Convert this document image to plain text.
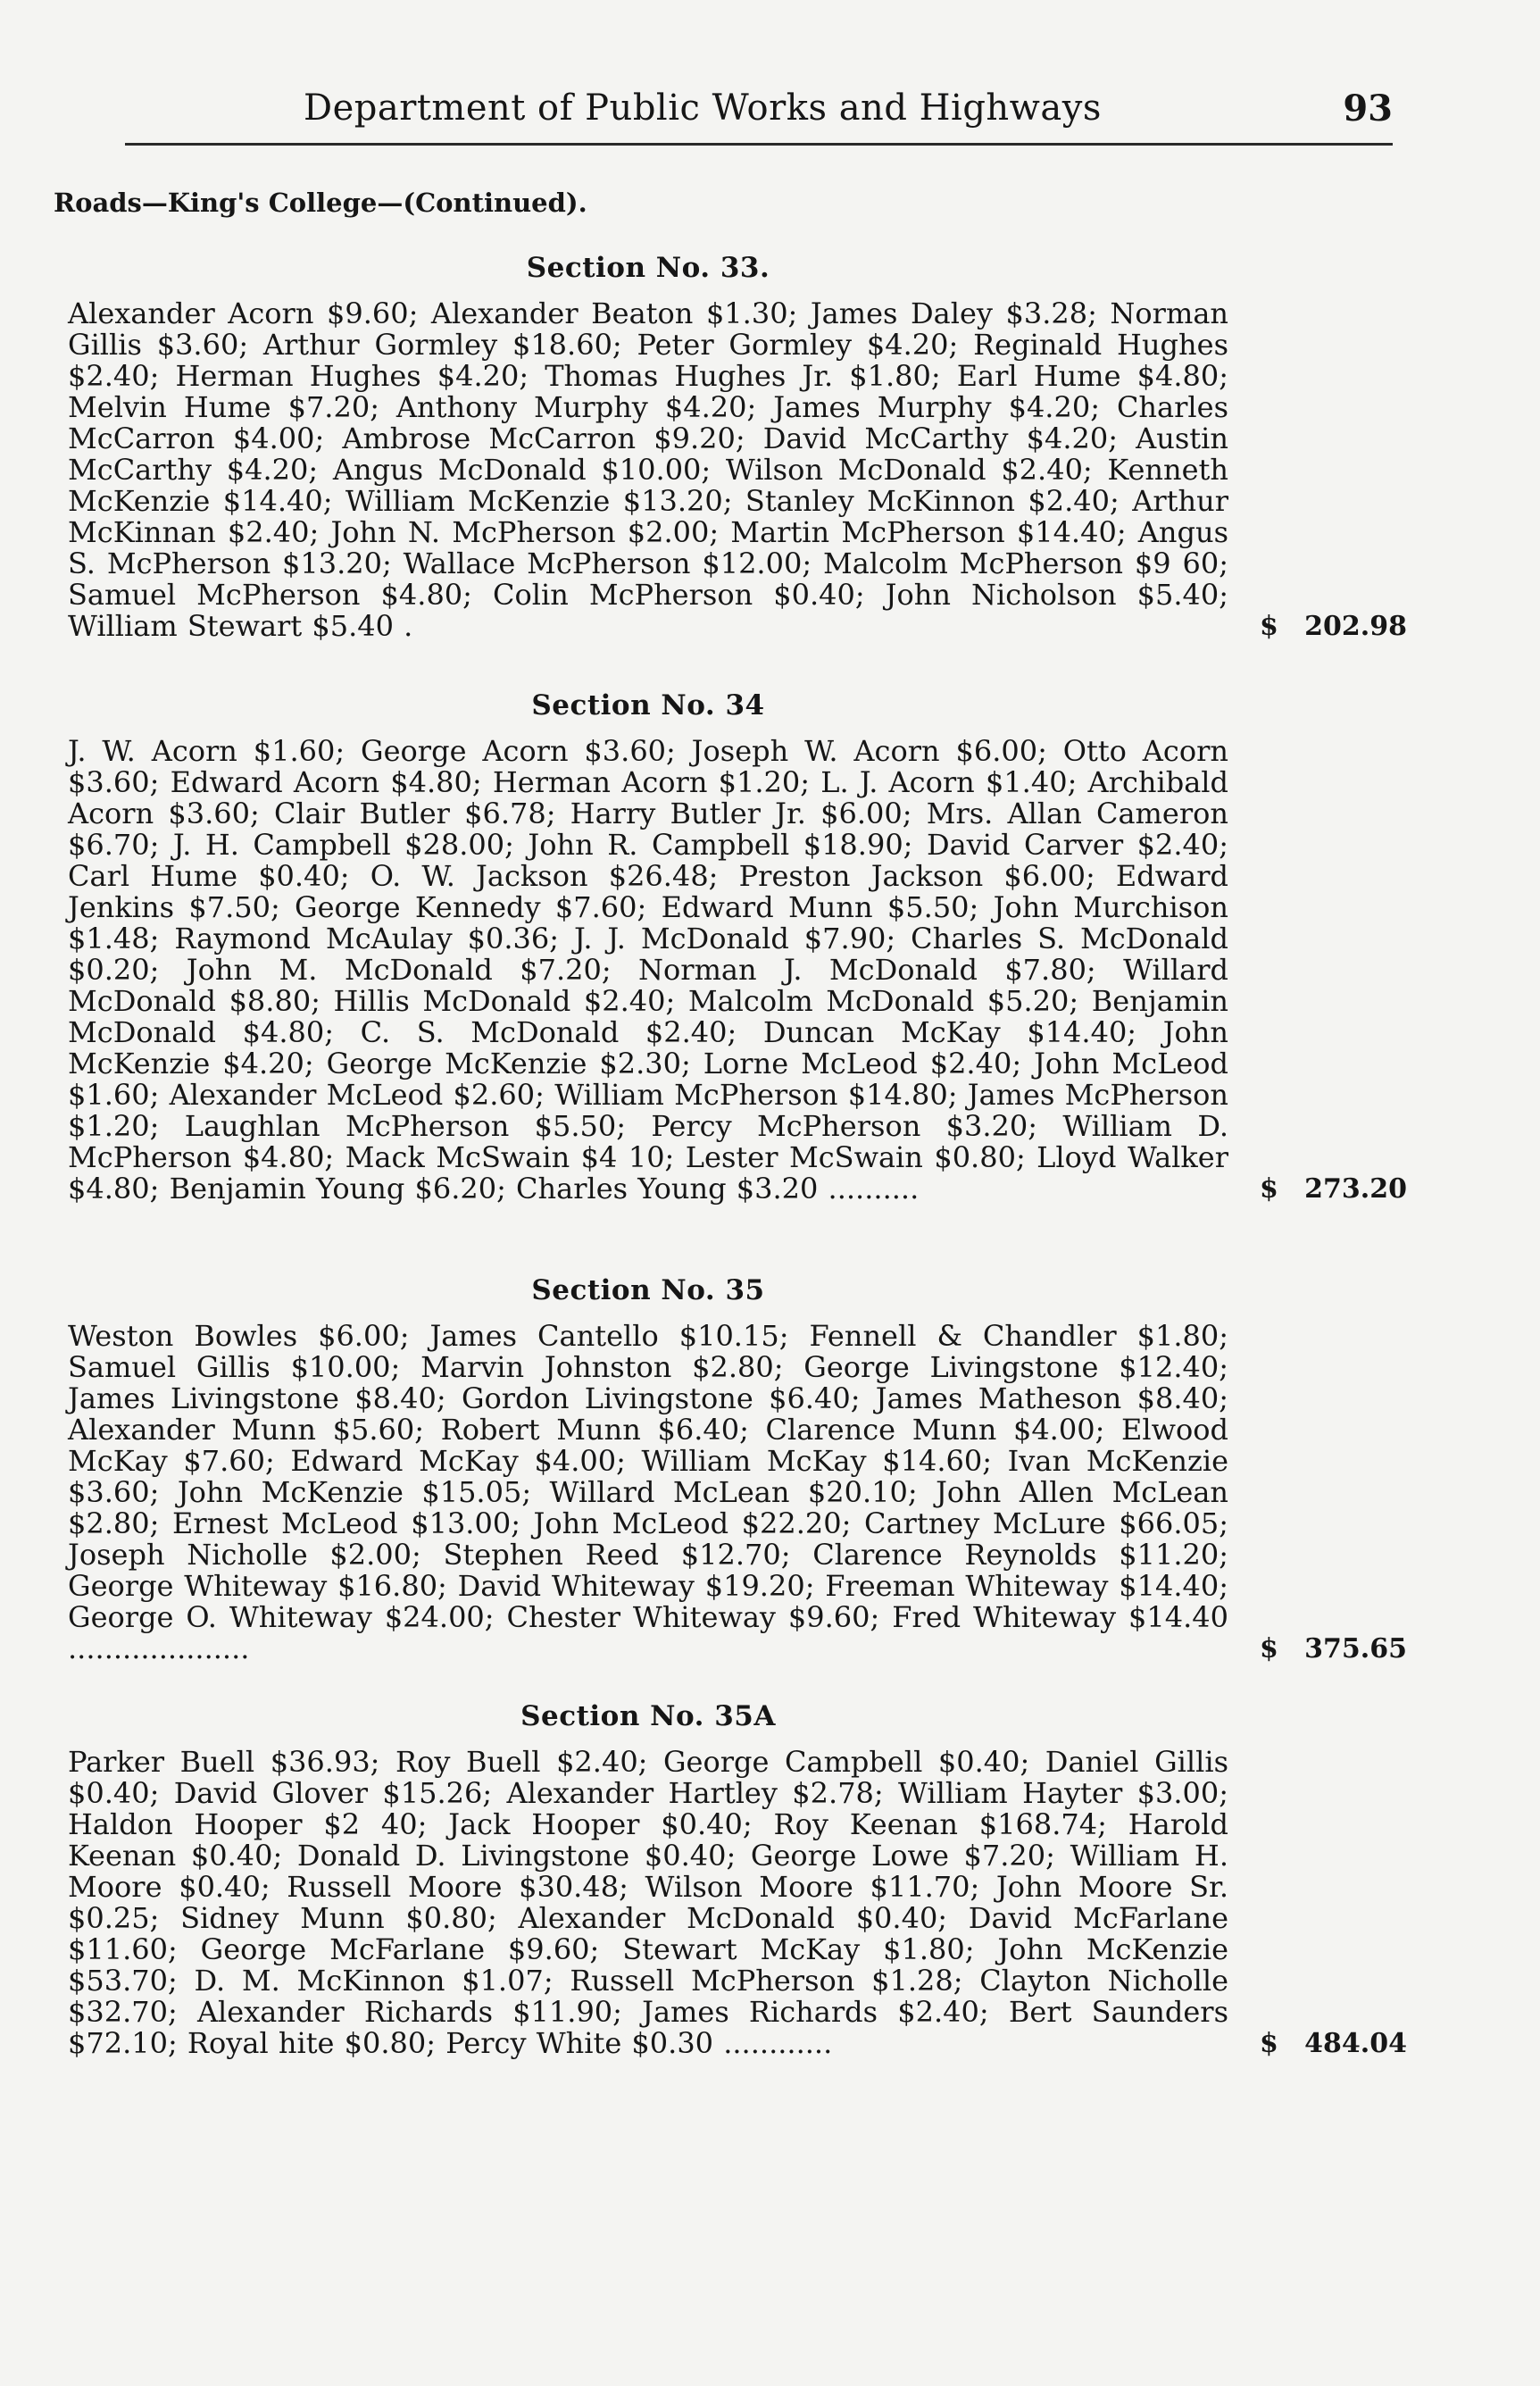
Department of Public Works and Highways	93
Roads—King's College—(Continued).
Section No. 33.
Alexander Acorn $9.60; Alexander Beaton $1.30; James Daley $3.28; Norman Gillis $3.60; Arthur Gormley $18.60; Peter Gormley $4.20; Reginald Hughes $2.40; Herman Hughes $4.20; Thomas Hughes Jr. $1.80; Earl Hume $4.80; Melvin Hume $7.20; Anthony Murphy $4.20; James Murphy $4.20; Charles McCarron $4.00; Ambrose McCarron $9.20; David McCarthy $4.20; Austin McCarthy $4.20; Angus McDonald $10.00; Wilson McDonald $2.40; Kenneth McKenzie $14.40; William McKenzie $13.20; Stanley McKinnon $2.40; Arthur McKinnan $2.40; John N. McPherson $2.00; Martin McPherson $14.40; Angus S. McPherson $13.20; Wallace McPherson $12.00; Malcolm McPherson $9 60; Samuel McPherson $4.80; Colin McPherson $0.40; John Nicholson $5.40; William Stewart $5.40 .	$ 202.98
Section No. 34
J. W. Acorn $1.60; George Acorn $3.60; Joseph W. Acorn $6.00; Otto Acorn $3.60; Edward Acorn $4.80; Herman Acorn $1.20; L. J. Acorn $1.40; Archibald Acorn $3.60; Clair Butler $6.78; Harry Butler Jr. $6.00; Mrs. Allan Cameron $6.70; J. H. Campbell $28.00; John R. Campbell $18.90; David Carver $2.40; Carl Hume $0.40; O. W. Jackson $26.48; Preston Jackson $6.00; Edward Jenkins $7.50; George Kennedy $7.60; Edward Munn $5.50; John Murchison $1.48; Raymond McAulay $0.36; J. J. McDonald $7.90; Charles S. McDonald $0.20; John M. McDonald $7.20; Norman J. McDonald $7.80; Willard McDonald $8.80; Hillis McDonald $2.40; Malcolm McDonald $5.20; Benjamin McDonald $4.80; C. S. McDonald $2.40; Duncan McKay $14.40; John McKenzie $4.20; George McKenzie $2.30; Lorne McLeod $2.40; John McLeod $1.60; Alexander McLeod $2.60; William McPherson $14.80; James McPherson $1.20; Laughlan McPherson $5.50; Percy McPherson $3.20; William D. McPherson $4.80; Mack McSwain $4 10; Lester McSwain $0.80; Lloyd Walker $4.80; Benjamin Young $6.20; Charles Young $3.20 ..........	$ 273.20
Section No. 35
Weston Bowles $6.00; James Cantello $10.15; Fennell & Chandler $1.80; Samuel Gillis $10.00; Marvin Johnston $2.80; George Livingstone $12.40; James Livingstone $8.40; Gordon Livingstone $6.40; James Matheson $8.40; Alexander Munn $5.60; Robert Munn $6.40; Clarence Munn $4.00; Elwood McKay $7.60; Edward McKay $4.00; William McKay $14.60; Ivan McKenzie $3.60; John McKenzie $15.05; Willard McLean $20.10; John Allen McLean $2.80; Ernest McLeod $13.00; John McLeod $22.20; Cartney McLure $66.05; Joseph Nicholle $2.00; Stephen Reed $12.70; Clarence Reynolds $11.20; George Whiteway $16.80; David Whiteway $19.20; Freeman Whiteway $14.40; George O. Whiteway $24.00; Chester Whiteway $9.60; Fred Whiteway $14.40 ....................	$ 375.65
Section No. 35A
Parker Buell $36.93; Roy Buell $2.40; George Campbell $0.40; Daniel Gillis $0.40; David Glover $15.26; Alexander Hartley $2.78; William Hayter $3.00; Haldon Hooper $2 40; Jack Hooper $0.40; Roy Keenan $168.74; Harold Keenan $0.40; Donald D. Livingstone $0.40; George Lowe $7.20; William H. Moore $0.40; Russell Moore $30.48; Wilson Moore $11.70; John Moore Sr. $0.25; Sidney Munn $0.80; Alexander McDonald $0.40; David McFarlane $11.60; George McFarlane $9.60; Stewart McKay $1.80; John McKenzie $53.70; D. M. McKinnon $1.07; Russell McPherson $1.28; Clayton Nicholle $32.70; Alexander Richards $11.90; James Richards $2.40; Bert Saunders $72.10; Royal hite $0.80; Percy White $0.30 ............	$ 484.04
